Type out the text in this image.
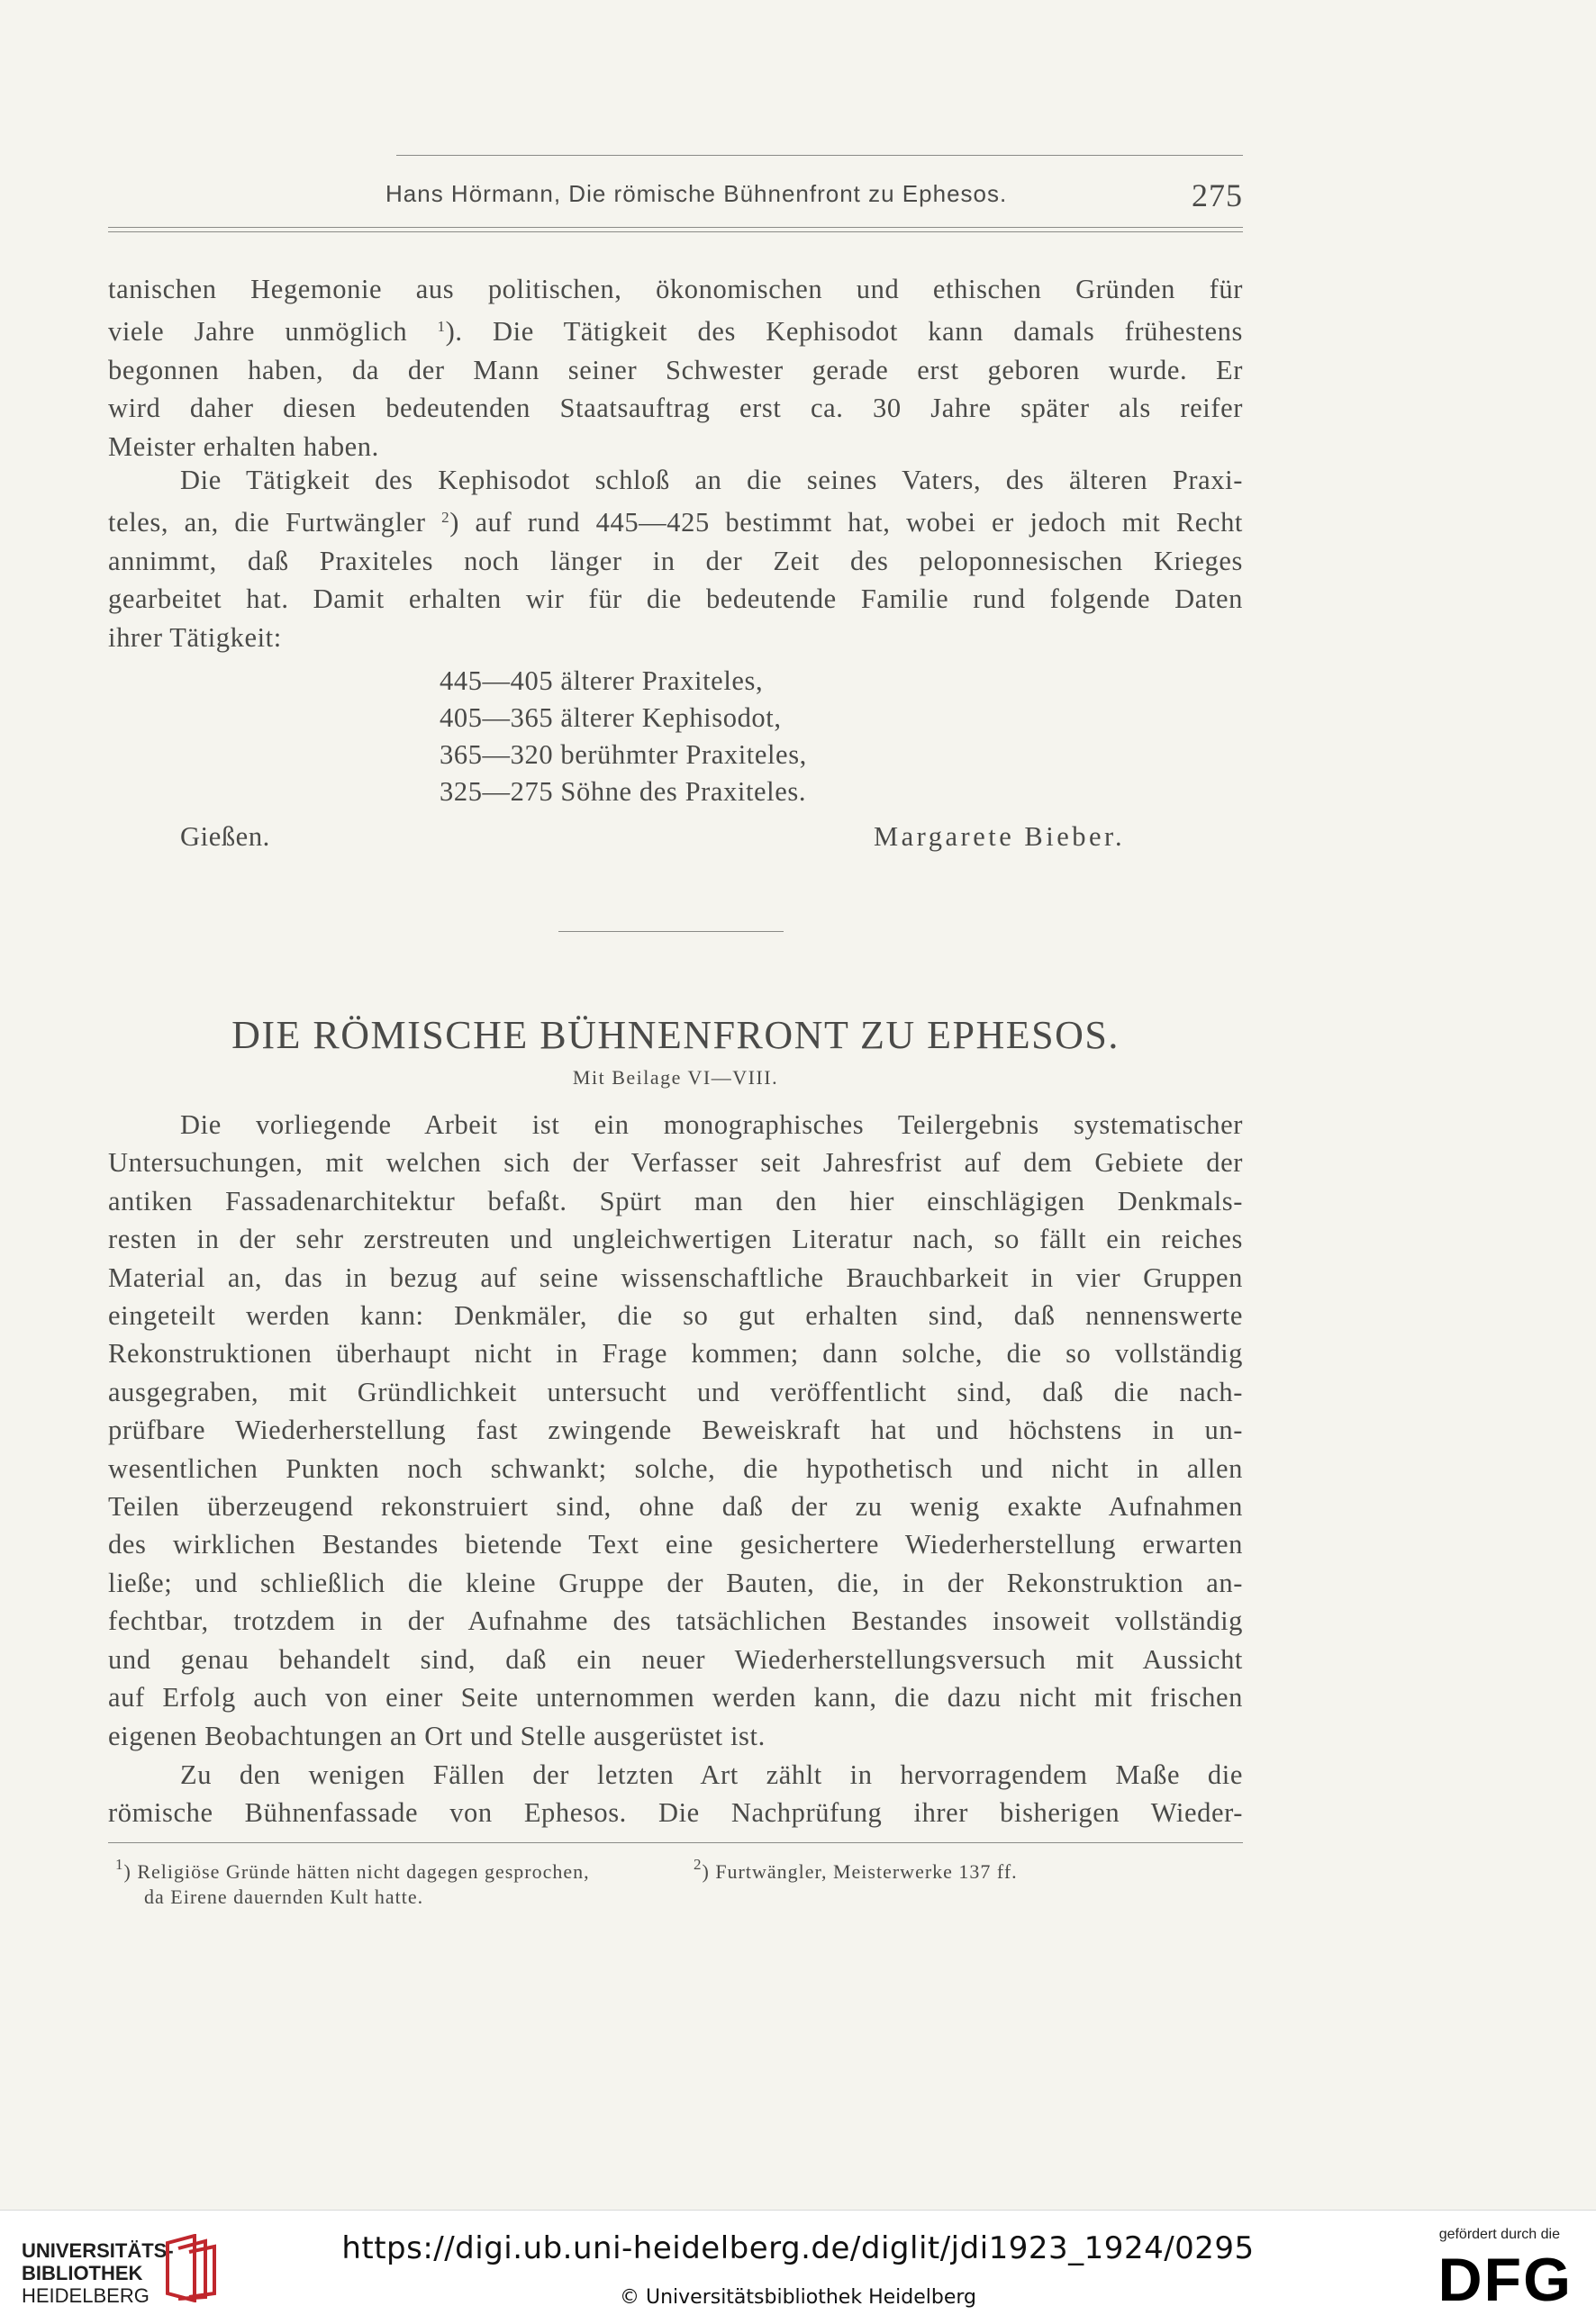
Hans Hörmann, Die römische Bühnenfront zu Ephesos.	275
tanischen Hegemonie aus politischen, ökonomischen und ethischen Gründen für
viele Jahre unmöglich $^1$). Die Tätigkeit des Kephisodot kann damals frühestens
begonnen haben, da der Mann seiner Schwester gerade erst geboren wurde. Er
wird daher diesen bedeutenden Staatsauftrag erst ca. 30 Jahre später als reifer
Meister erhalten haben.
Die Tätigkeit des Kephisodot schloß an die seines Vaters, des älteren Praxi-
teles, an, die Furtwängler $^2$) auf rund 445—425 bestimmt hat, wobei er jedoch mit Recht
annimmt, daß Praxiteles noch länger in der Zeit des peloponnesischen Krieges
gearbeitet hat. Damit erhalten wir für die bedeutende Familie rund folgende Daten
ihrer Tätigkeit:
445—405 älterer Praxiteles,
405—365 älterer Kephisodot,
365—320 berühmter Praxiteles,
325—275 Söhne des Praxiteles.
Gießen.	Margarete Bieber.
DIE RÖMISCHE BÜHNENFRONT ZU EPHESOS.
Mit Beilage VI—VIII.
Die vorliegende Arbeit ist ein monographisches Teilergebnis systematischer
Untersuchungen, mit welchen sich der Verfasser seit Jahresfrist auf dem Gebiete der
antiken Fassadenarchitektur befaßt. Spürt man den hier einschlägigen Denkmals-
resten in der sehr zerstreuten und ungleichwertigen Literatur nach, so fällt ein reiches
Material an, das in bezug auf seine wissenschaftliche Brauchbarkeit in vier Gruppen
eingeteilt werden kann: Denkmäler, die so gut erhalten sind, daß nennenswerte
Rekonstruktionen überhaupt nicht in Frage kommen; dann solche, die so vollständig
ausgegraben, mit Gründlichkeit untersucht und veröffentlicht sind, daß die nach-
prüfbare Wiederherstellung fast zwingende Beweiskraft hat und höchstens in un-
wesentlichen Punkten noch schwankt; solche, die hypothetisch und nicht in allen
Teilen überzeugend rekonstruiert sind, ohne daß der zu wenig exakte Aufnahmen
des wirklichen Bestandes bietende Text eine gesichertere Wiederherstellung erwarten
ließe; und schließlich die kleine Gruppe der Bauten, die, in der Rekonstruktion an-
fechtbar, trotzdem in der Aufnahme des tatsächlichen Bestandes insoweit vollständig
und genau behandelt sind, daß ein neuer Wiederherstellungsversuch mit Aussicht
auf Erfolg auch von einer Seite unternommen werden kann, die dazu nicht mit frischen
eigenen Beobachtungen an Ort und Stelle ausgerüstet ist.
Zu den wenigen Fällen der letzten Art zählt in hervorragendem Maße die
römische Bühnenfassade von Ephesos. Die Nachprüfung ihrer bisherigen Wieder-
$^1$) Religiöse Gründe hätten nicht dagegen gesprochen,
da Eirene dauernden Kult hatte.
$^2$) Furtwängler, Meisterwerke 137 ff.
UNIVERSITÄTS-
BIBLIOTHEK
HEIDELBERG
https://digi.ub.uni-heidelberg.de/diglit/jdi1923_1924/0295
© Universitätsbibliothek Heidelberg
gefördert durch die
DFG
